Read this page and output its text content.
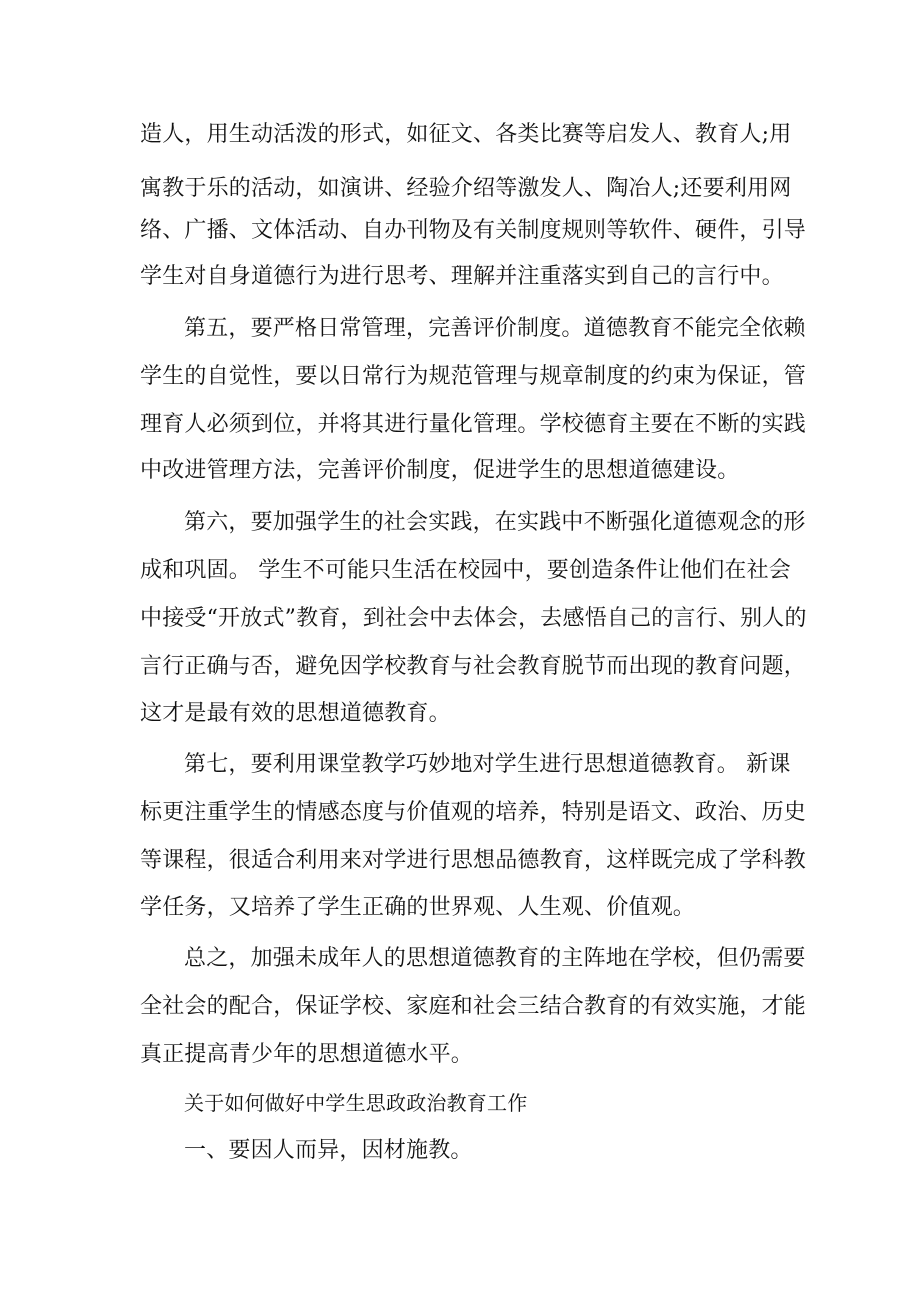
造人，用生动活泼的形式，如征文、各类比赛等启发人、教育人;用
寓教于乐的活动，如演讲、经验介绍等激发人、陶冶人;还要利用网
络、广播、文体活动、自办刊物及有关制度规则等软件、硬件，引导
学生对自身道德行为进行思考、理解并注重落实到自己的言行中。
第五，要严格日常管理，完善评价制度。道德教育不能完全依赖
学生的自觉性，要以日常行为规范管理与规章制度的约束为保证，管
理育人必须到位，并将其进行量化管理。学校德育主要在不断的实践
中改进管理方法，完善评价制度，促进学生的思想道德建设。
第六，要加强学生的社会实践，在实践中不断强化道德观念的形
成和巩固。 学生不可能只生活在校园中，要创造条件让他们在社会
中接受“开放式”教育，到社会中去体会，去感悟自己的言行、别人的
言行正确与否，避免因学校教育与社会教育脱节而出现的教育问题，
这才是最有效的思想道德教育。
第七，要利用课堂教学巧妙地对学生进行思想道德教育。 新课
标更注重学生的情感态度与价值观的培养，特别是语文、政治、历史
等课程，很适合利用来对学进行思想品德教育，这样既完成了学科教
学任务，又培养了学生正确的世界观、人生观、价值观。
总之，加强未成年人的思想道德教育的主阵地在学校，但仍需要
全社会的配合，保证学校、家庭和社会三结合教育的有效实施，才能
真正提高青少年的思想道德水平。
关于如何做好中学生思政政治教育工作
一、要因人而异，因材施教。
